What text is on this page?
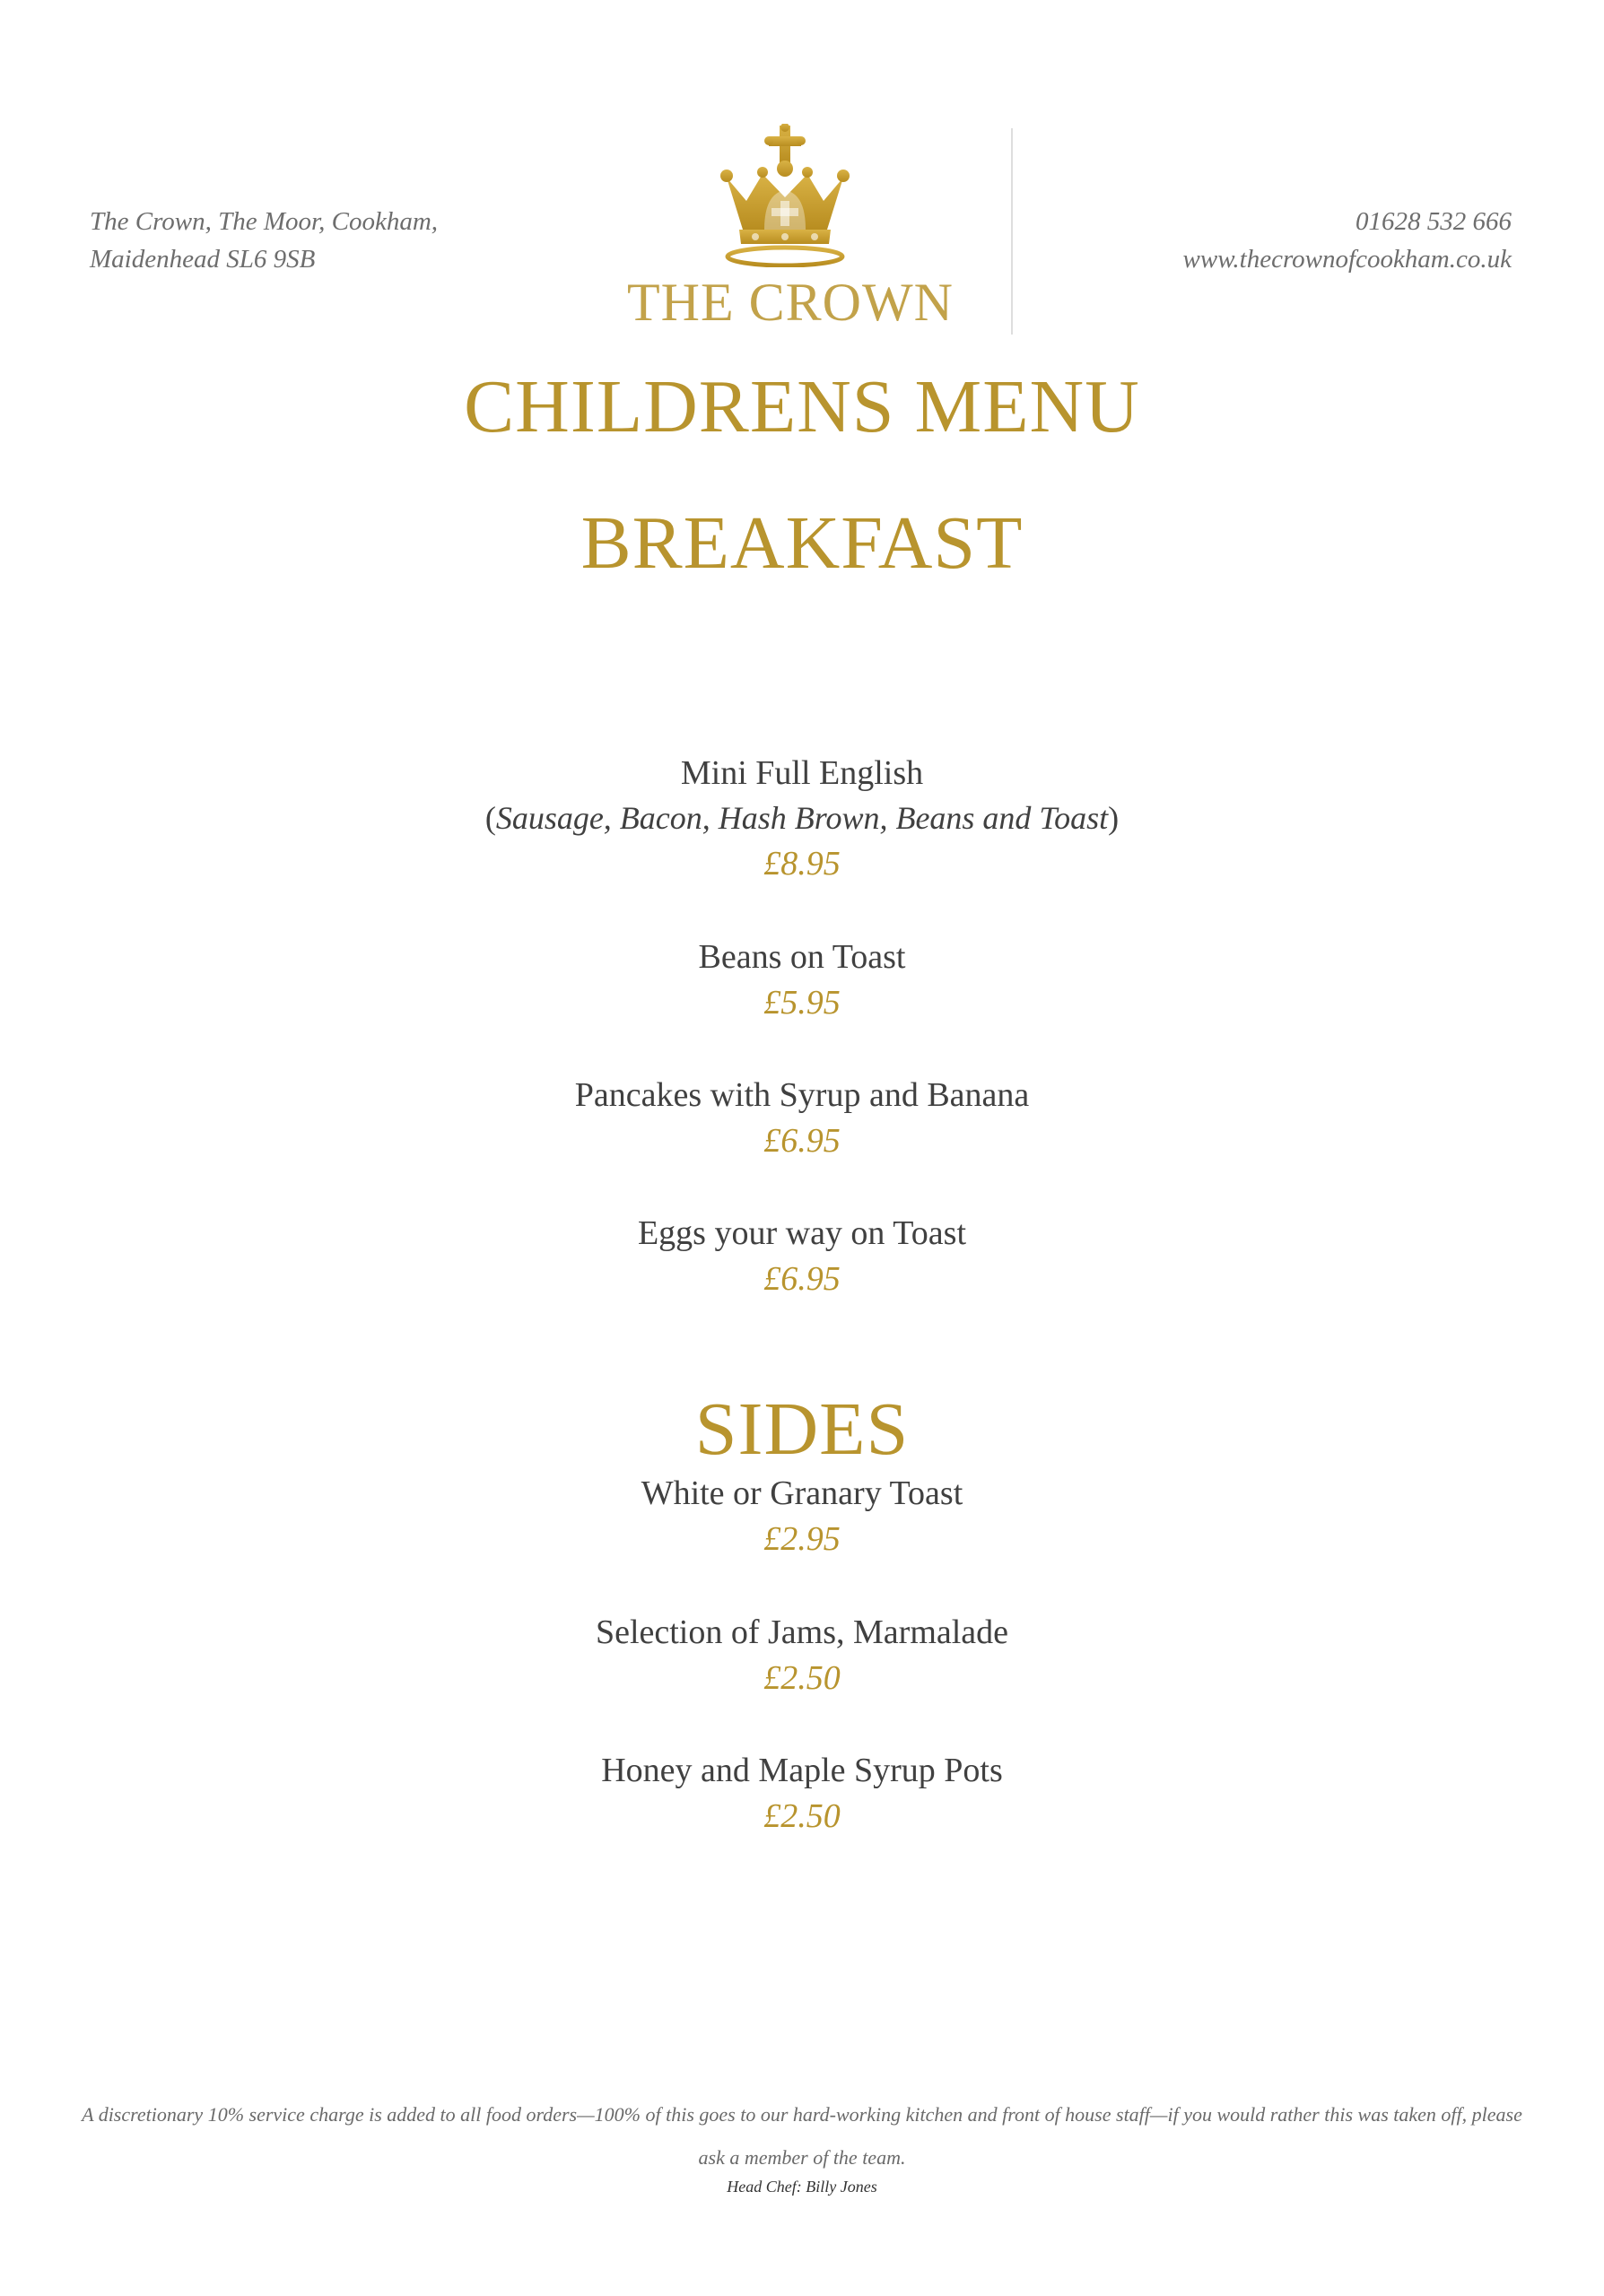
The Crown, The Moor, Cookham,
Maidenhead SL6 9SB
THE CROWN
01628 532 666
www.thecrownofcookham.co.uk
CHILDRENS MENU
BREAKFAST
Mini Full English
(Sausage, Bacon, Hash Brown, Beans and Toast)
£8.95
Beans on Toast
£5.95
Pancakes with Syrup and Banana
£6.95
Eggs your way on Toast
£6.95
SIDES
White or Granary Toast
£2.95
Selection of Jams, Marmalade
£2.50
Honey and Maple Syrup Pots
£2.50
A discretionary 10% service charge is added to all food orders—100% of this goes to our hard-working kitchen and front of house staff—if you would rather this was taken off, please ask a member of the team.
Head Chef: Billy Jones
